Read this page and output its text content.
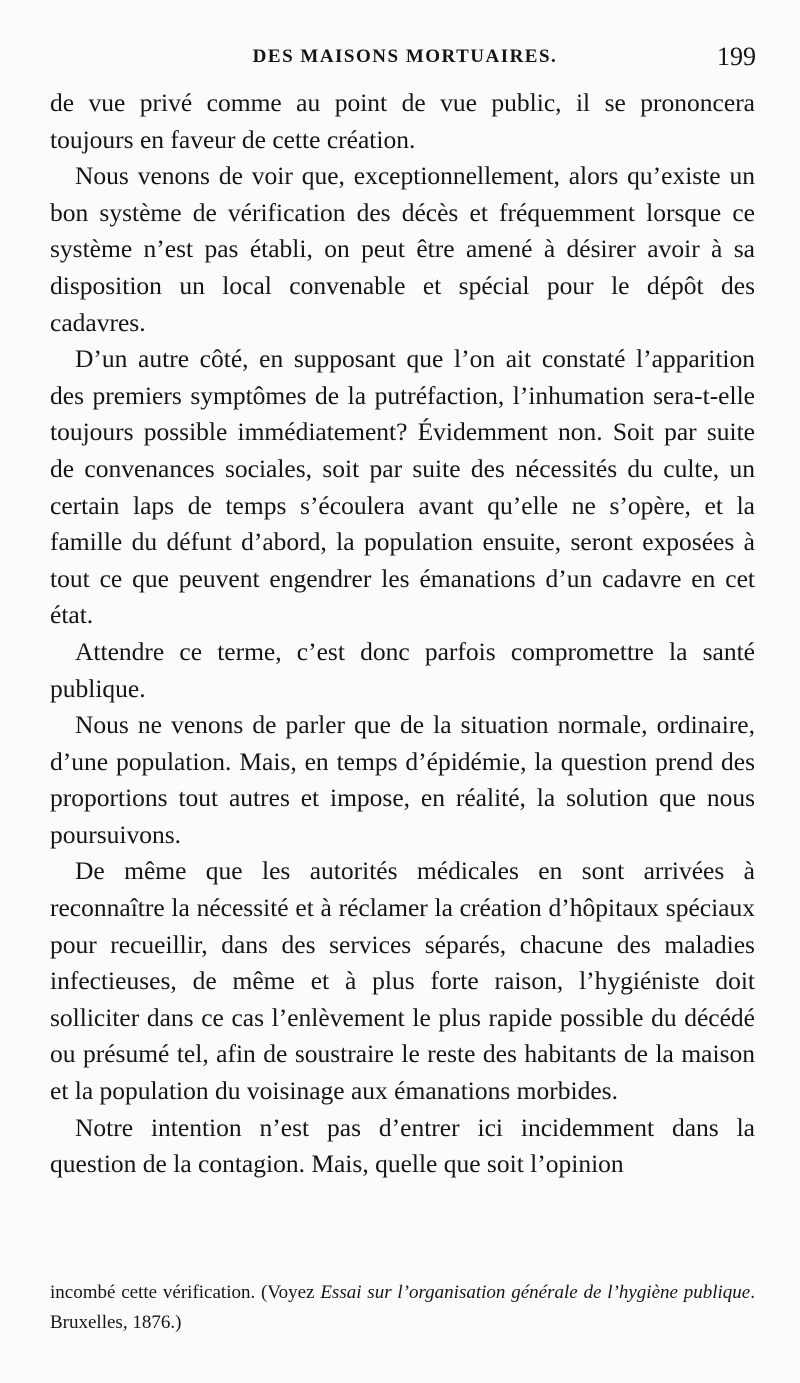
DES MAISONS MORTUAIRES.	199

de vue privé comme au point de vue public, il se prononcera toujours en faveur de cette création.

Nous venons de voir que, exceptionnellement, alors qu’existe un bon système de vérification des décès et fréquemment lorsque ce système n’est pas établi, on peut être amené à désirer avoir à sa disposition un local convenable et spécial pour le dépôt des cadavres.

D’un autre côté, en supposant que l’on ait constaté l’apparition des premiers symptômes de la putréfaction, l’inhumation sera-t-elle toujours possible immédiatement? Évidemment non. Soit par suite de convenances sociales, soit par suite des nécessités du culte, un certain laps de temps s’écoulera avant qu’elle ne s’opère, et la famille du défunt d’abord, la population ensuite, seront exposées à tout ce que peuvent engendrer les émanations d’un cadavre en cet état.

Attendre ce terme, c’est donc parfois compromettre la santé publique.

Nous ne venons de parler que de la situation normale, ordinaire, d’une population. Mais, en temps d’épidémie, la question prend des proportions tout autres et impose, en réalité, la solution que nous poursuivons.

De même que les autorités médicales en sont arrivées à reconnaître la nécessité et à réclamer la création d’hôpitaux spéciaux pour recueillir, dans des services séparés, chacune des maladies infectieuses, de même et à plus forte raison, l’hygiéniste doit solliciter dans ce cas l’enlèvement le plus rapide possible du décédé ou présumé tel, afin de soustraire le reste des habitants de la maison et la population du voisinage aux émanations morbides.

Notre intention n’est pas d’entrer ici incidemment dans la question de la contagion. Mais, quelle que soit l’opinion

incombé cette vérification. (Voyez Essai sur l’organisation générale de l’hygiène publique. Bruxelles, 1876.)
